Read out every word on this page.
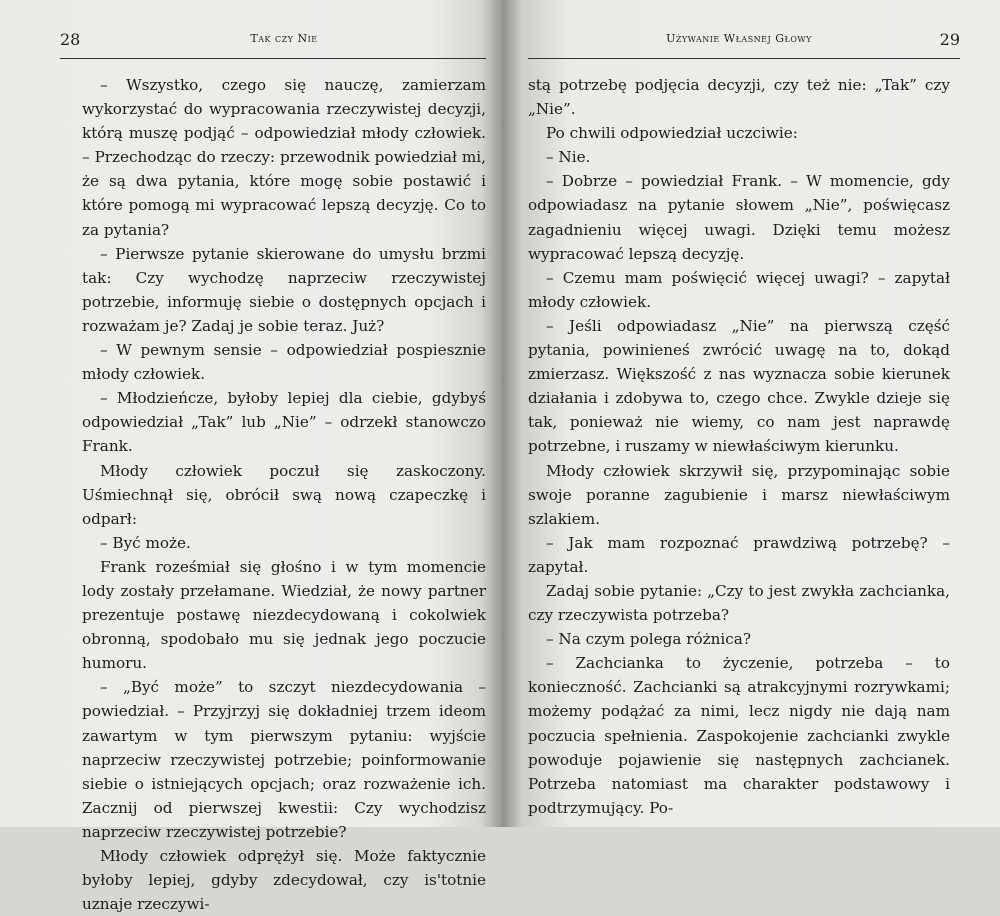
28	Tak czy Nie

– Wszystko, czego się nauczę, zamierzam wykorzystać do wypracowania rzeczywistej decyzji, którą muszę podjąć – odpowiedział młody człowiek. – Przechodząc do rzeczy: przewodnik powiedział mi, że są dwa pytania, które mogę sobie postawić i które pomogą mi wypracować lepszą decyzję. Co to za pytania?

– Pierwsze pytanie skierowane do umysłu brzmi tak: Czy wychodzę naprzeciw rzeczywistej potrzebie, informuję siebie o dostępnych opcjach i rozważam je? Zadaj je sobie teraz. Już?

– W pewnym sensie – odpowiedział pospiesznie młody człowiek.

– Młodzieńcze, byłoby lepiej dla ciebie, gdybyś odpowiedział „Tak” lub „Nie” – odrzekł stanowczo Frank.

Młody człowiek poczuł się zaskoczony. Uśmiechnął się, obrócił swą nową czapeczkę i odparł:

– Być może.

Frank roześmiał się głośno i w tym momencie lody zostały przełamane. Wiedział, że nowy partner prezentuje postawę niezdecydowaną i cokolwiek obronną, spodobało mu się jednak jego poczucie humoru.

– „Być może” to szczyt niezdecydowania – powiedział. – Przyjrzyj się dokładniej trzem ideom zawartym w tym pierwszym pytaniu: wyjście naprzeciw rzeczywistej potrzebie; poinformowanie siebie o istniejących opcjach; oraz rozważenie ich. Zacznij od pierwszej kwestii: Czy wychodzisz naprzeciw rzeczywistej potrzebie?

Młody człowiek odprężył się. Może faktycznie byłoby lepiej, gdyby zdecydował, czy is'totnie uznaje rzeczywi-

Używanie Własnej Głowy	29

stą potrzebę podjęcia decyzji, czy też nie: „Tak” czy „Nie”.

Po chwili odpowiedział uczciwie:

– Nie.

– Dobrze – powiedział Frank. – W momencie, gdy odpowiadasz na pytanie słowem „Nie”, poświęcasz zagadnieniu więcej uwagi. Dzięki temu możesz wypracować lepszą decyzję.

– Czemu mam poświęcić więcej uwagi? – zapytał młody człowiek.

– Jeśli odpowiadasz „Nie” na pierwszą część pytania, powinieneś zwrócić uwagę na to, dokąd zmierzasz. Większość z nas wyznacza sobie kierunek działania i zdobywa to, czego chce. Zwykle dzieje się tak, ponieważ nie wiemy, co nam jest naprawdę potrzebne, i ruszamy w niewłaściwym kierunku.

Młody człowiek skrzywił się, przypominając sobie swoje poranne zagubienie i marsz niewłaściwym szlakiem.

– Jak mam rozpoznać prawdziwą potrzebę? – zapytał.

Zadaj sobie pytanie: „Czy to jest zwykła zachcianka, czy rzeczywista potrzeba?

– Na czym polega różnica?

– Zachcianka to życzenie, potrzeba – to konieczność. Zachcianki są atrakcyjnymi rozrywkami; możemy podążać za nimi, lecz nigdy nie dają nam poczucia spełnienia. Zaspokojenie zachcianki zwykle powoduje pojawienie się następnych zachcianek. Potrzeba natomiast ma charakter podstawowy i podtrzymujący. Po-
